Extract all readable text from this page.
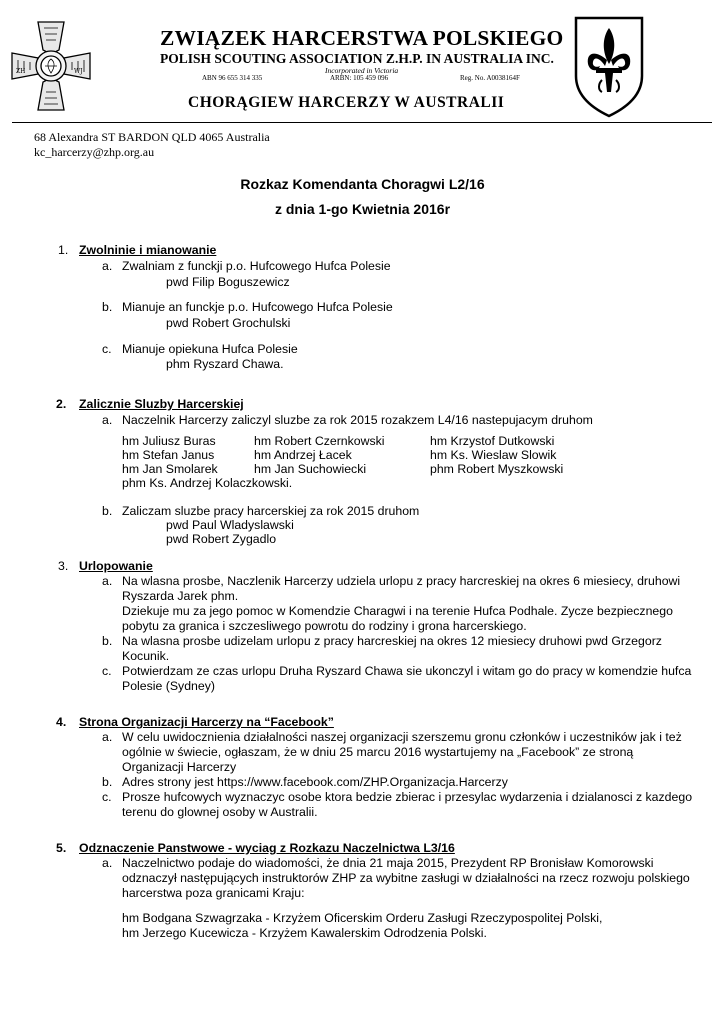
ZH	WJ
ZWIĄZEK HARCERSTWA POLSKIEGO
POLISH SCOUTING ASSOCIATION Z.H.P. IN AUSTRALIA INC.
Incorporated in Victoria
ABN 96 655 314 335	ARBN: 105 459 096	Reg. No. A0038164F
CHORĄGIEW HARCERZY W AUSTRALII
68 Alexandra ST BARDON QLD 4065 Australia
kc_harcerzy@zhp.org.au
Rozkaz Komendanta Choragwi L2/16
z dnia 1-go Kwietnia 2016r
1. Zwolninie i mianowanie
a. Zwalniam z funckji p.o. Hufcowego Hufca Polesie
pwd Filip Boguszewicz
b. Mianuje an funckje p.o. Hufcowego Hufca Polesie
pwd Robert Grochulski
c. Mianuje opiekuna Hufca Polesie
phm Ryszard Chawa.
2. Zalicznie Sluzby Harcerskiej
a. Naczelnik Harcerzy zaliczyl sluzbe za rok 2015 rozakzem L4/16 nastepujacym druhom
hm Juliusz Buras	hm Robert Czernkowski	hm Krzystof Dutkowski
hm Stefan Janus	hm Andrzej Łacek	hm Ks. Wieslaw Slowik
hm Jan Smolarek	hm Jan Suchowiecki	phm Robert Myszkowski
phm Ks. Andrzej Kolaczkowski.
b. Zaliczam sluzbe pracy harcerskiej za rok 2015 druhom
pwd Paul Wladyslawski
pwd Robert Zygadlo
3. Urlopowanie
a. Na wlasna prosbe, Naczlenik Harcerzy udziela urlopu z pracy harcreskiej na okres 6 miesiecy, druhowi
Ryszarda Jarek phm.
Dziekuje mu za jego pomoc w Komendzie Charagwi i na terenie Hufca Podhale. Zycze bezpiecznego
pobytu za granica i szczesliwego powrotu do rodziny i grona harcerskiego.
b. Na wlasna prosbe udizelam urlopu z pracy harcreskiej na okres 12 miesiecy druhowi pwd Grzegorz
Kocunik.
c. Potwierdzam ze czas urlopu Druha Ryszard Chawa sie ukonczyl i witam go do pracy w komendzie hufca
Polesie (Sydney)
4. Strona Organizacji Harcerzy na “Facebook”
a. W celu uwidocznienia działalności naszej organizacji szerszemu gronu członków i uczestników jak i też
ogólnie w świecie, ogłaszam, że w dniu 25 marcu 2016 wystartujemy na „Facebook” ze stroną
Organizacji Harcerzy
b. Adres strony jest https://www.facebook.com/ZHP.Organizacja.Harcerzy
c. Prosze hufcowych wyznaczyc osobe ktora bedzie zbierac i przesylac wydarzenia i dzialanosci z kazdego
terenu do glownej osoby w Australii.
5. Odznaczenie Panstwowe - wyciag z Rozkazu Naczelnictwa L3/16
a. Naczelnictwo podaje do wiadomości, że dnia 21 maja 2015, Prezydent RP Bronisław Komorowski
odznaczył następujących instruktorów ZHP za wybitne zasługi w działalności na rzecz rozwoju polskiego
harcerstwa poza granicami Kraju:
hm Bodgana Szwagrzaka - Krzyżem Oficerskim Orderu Zasługi Rzeczypospolitej Polski,
hm Jerzego Kucewicza - Krzyżem Kawalerskim Odrodzenia Polski.
